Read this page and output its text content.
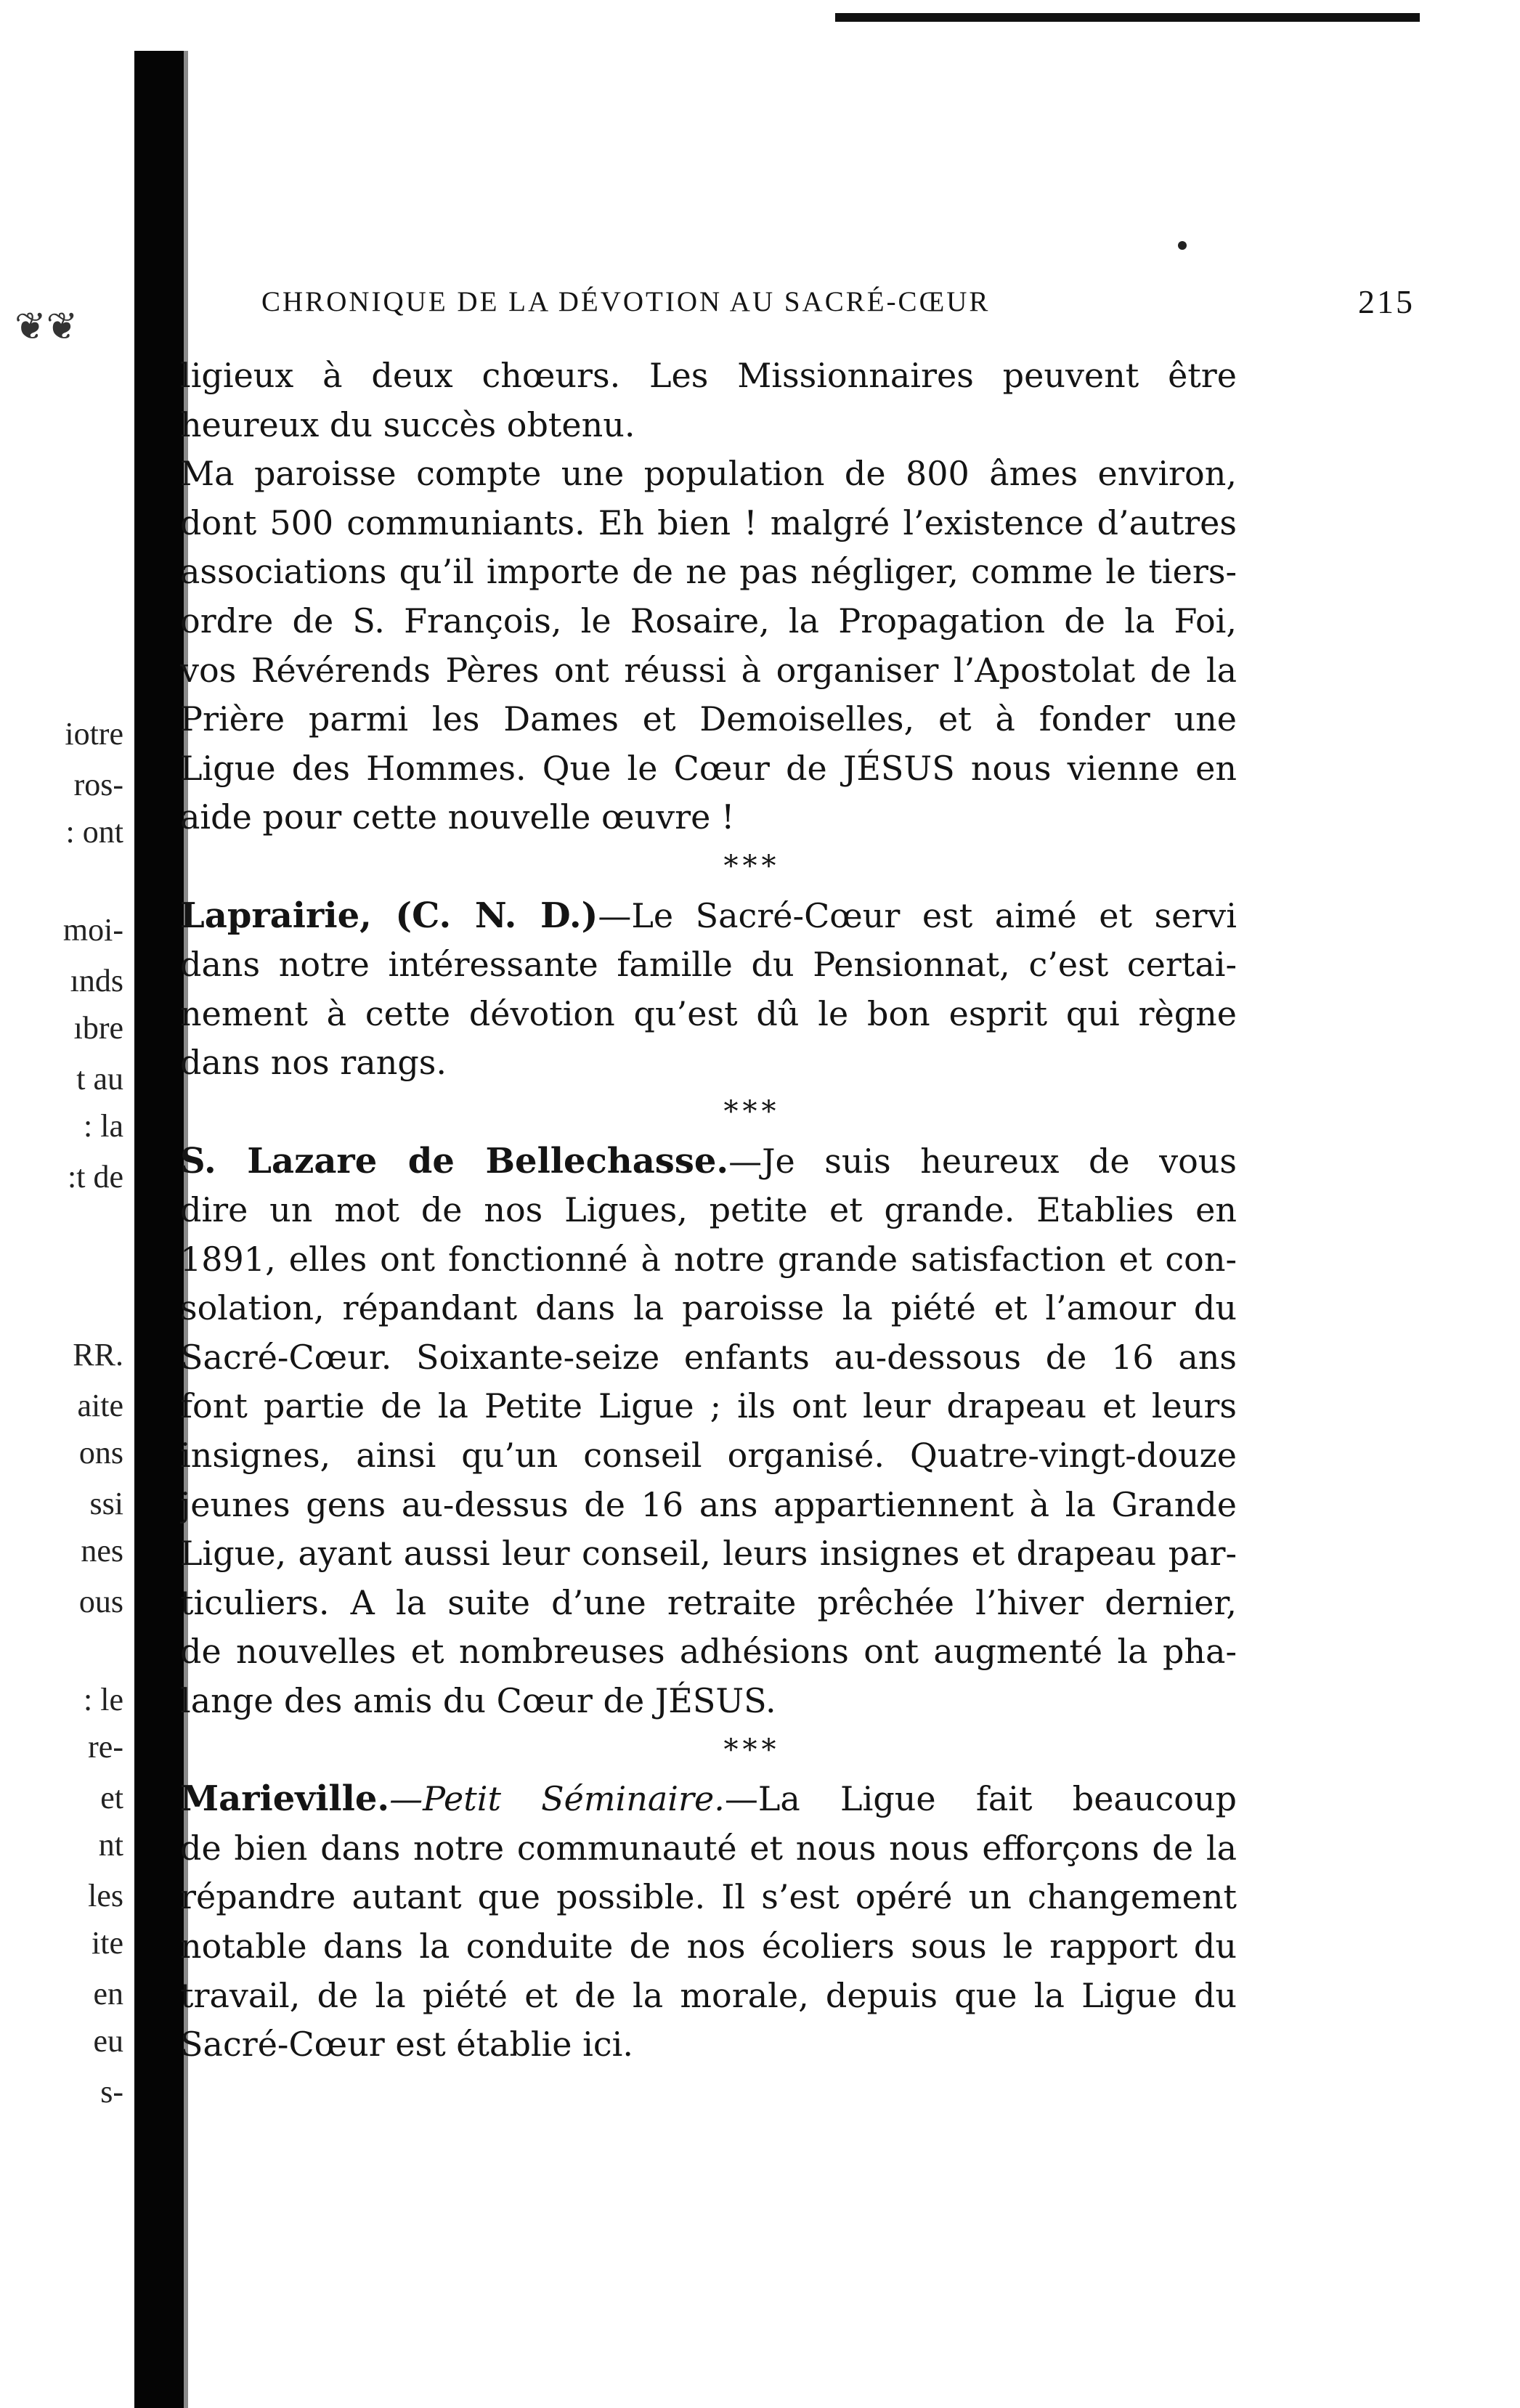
❦❦
iotre
ros-
: ont
moi-
ınds
ıbre
t au
: la
:t de
RR.
aite
ons
ssi
nes
ous
: le
re-
et
nt
les
ite
en
eu
s-
CHRONIQUE DE LA DÉVOTION AU SACRÉ-CŒUR	215
ligieux à deux chœurs. Les Missionnaires peuvent être
heureux du succès obtenu.
Ma paroisse compte une population de 800 âmes environ,
dont 500 communiants. Eh bien ! malgré l’existence d’autres
associations qu’il importe de ne pas négliger, comme le tiers-
ordre de S. François, le Rosaire, la Propagation de la Foi,
vos Révérends Pères ont réussi à organiser l’Apostolat de la
Prière parmi les Dames et Demoiselles, et à fonder une
Ligue des Hommes. Que le Cœur de JÉSUS nous vienne en
aide pour cette nouvelle œuvre !
***
Laprairie, (C. N. D.)—Le Sacré-Cœur est aimé et servi
dans notre intéressante famille du Pensionnat, c’est certai-
nement à cette dévotion qu’est dû le bon esprit qui règne
dans nos rangs.
***
S. Lazare de Bellechasse.—Je suis heureux de vous
dire un mot de nos Ligues, petite et grande. Etablies en
1891, elles ont fonctionné à notre grande satisfaction et con-
solation, répandant dans la paroisse la piété et l’amour du
Sacré-Cœur. Soixante-seize enfants au-dessous de 16 ans
font partie de la Petite Ligue ; ils ont leur drapeau et leurs
insignes, ainsi qu’un conseil organisé. Quatre-vingt-douze
jeunes gens au-dessus de 16 ans appartiennent à la Grande
Ligue, ayant aussi leur conseil, leurs insignes et drapeau par-
ticuliers. A la suite d’une retraite prêchée l’hiver dernier,
de nouvelles et nombreuses adhésions ont augmenté la pha-
lange des amis du Cœur de JÉSUS.
***
Marieville.—Petit Séminaire.—La Ligue fait beaucoup
de bien dans notre communauté et nous nous efforçons de la
répandre autant que possible. Il s’est opéré un changement
notable dans la conduite de nos écoliers sous le rapport du
travail, de la piété et de la morale, depuis que la Ligue du
Sacré-Cœur est établie ici.
